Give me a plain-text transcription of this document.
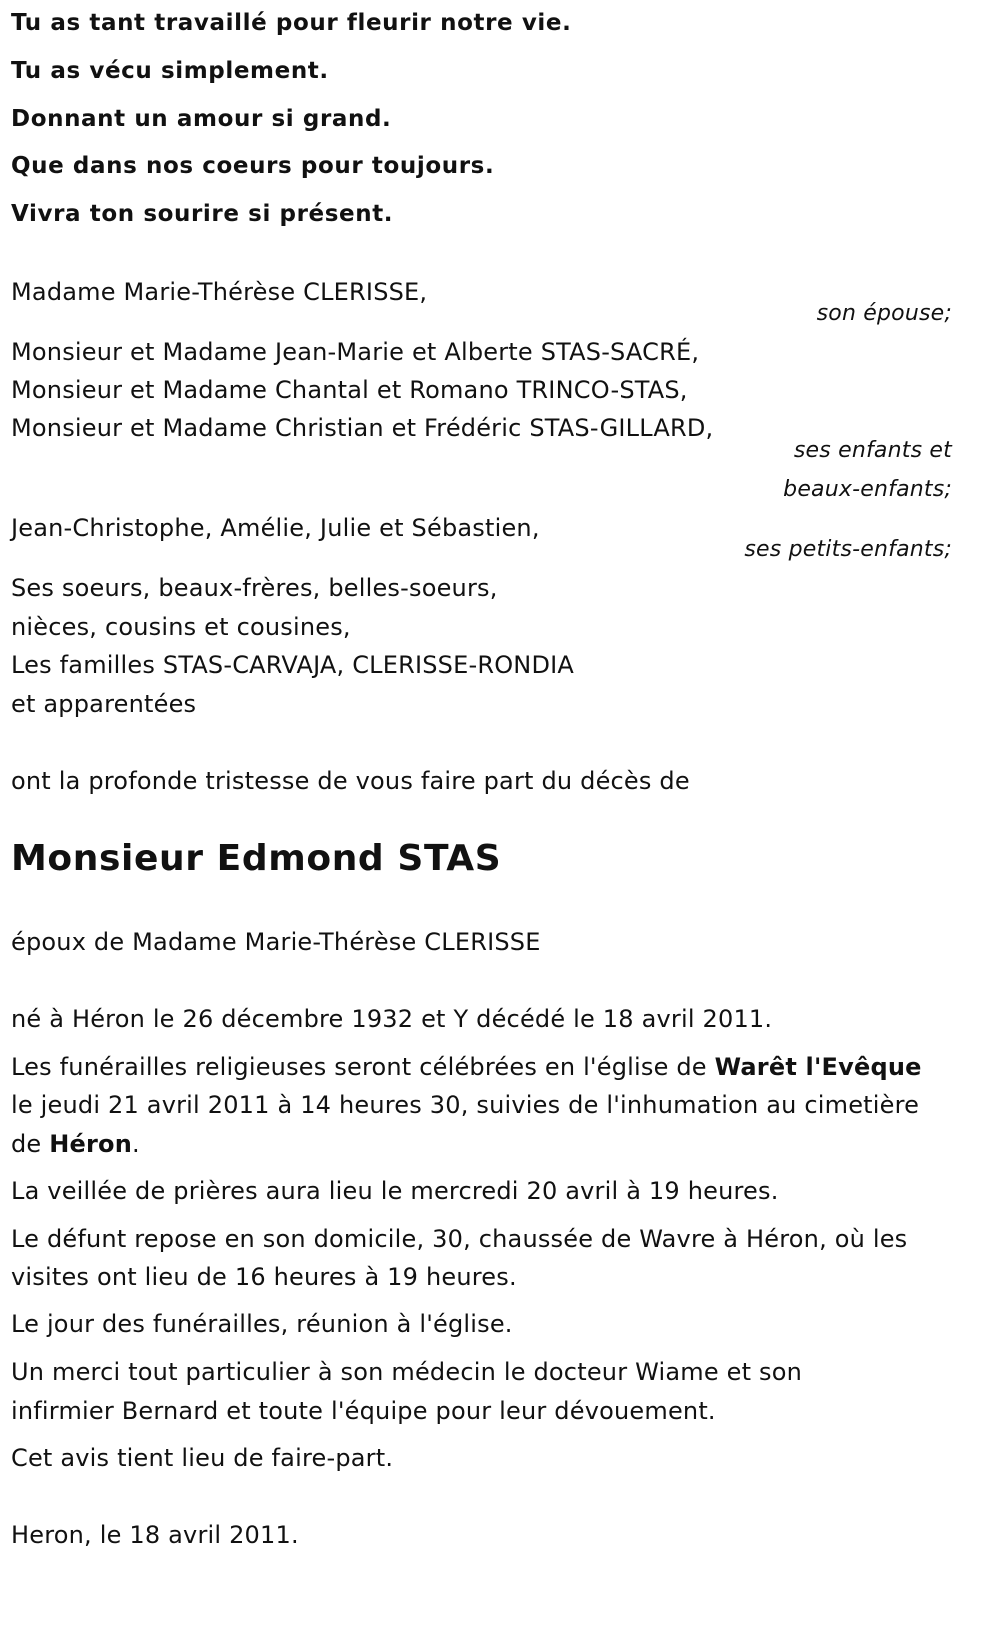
Tu as tant travaillé pour fleurir notre vie.
Tu as vécu simplement.
Donnant un amour si grand.
Que dans nos coeurs pour toujours.
Vivra ton sourire si présent.
Madame Marie-Thérèse CLERISSE,
son épouse;
Monsieur et Madame Jean-Marie et Alberte STAS-SACRÉ,
Monsieur et Madame Chantal et Romano TRINCO-STAS,
Monsieur et Madame Christian et Frédéric STAS-GILLARD,
ses enfants et
beaux-enfants;
Jean-Christophe, Amélie, Julie et Sébastien,
ses petits-enfants;
Ses soeurs, beaux-frères, belles-soeurs,
nièces, cousins et cousines,
Les familles STAS-CARVAJA, CLERISSE-RONDIA
et apparentées
ont la profonde tristesse de vous faire part du décès de
Monsieur Edmond STAS
époux de Madame Marie-Thérèse CLERISSE
né à Héron le 26 décembre 1932 et Y décédé le 18 avril 2011.
Les funérailles religieuses seront célébrées en l'église de Warêt l'Evêque
le jeudi 21 avril 2011 à 14 heures 30, suivies de l'inhumation au cimetière
de Héron.
La veillée de prières aura lieu le mercredi 20 avril à 19 heures.
Le défunt repose en son domicile, 30, chaussée de Wavre à Héron, où les
visites ont lieu de 16 heures à 19 heures.
Le jour des funérailles, réunion à l'église.
Un merci tout particulier à son médecin le docteur Wiame et son
infirmier Bernard et toute l'équipe pour leur dévouement.
Cet avis tient lieu de faire-part.
Heron, le 18 avril 2011.
